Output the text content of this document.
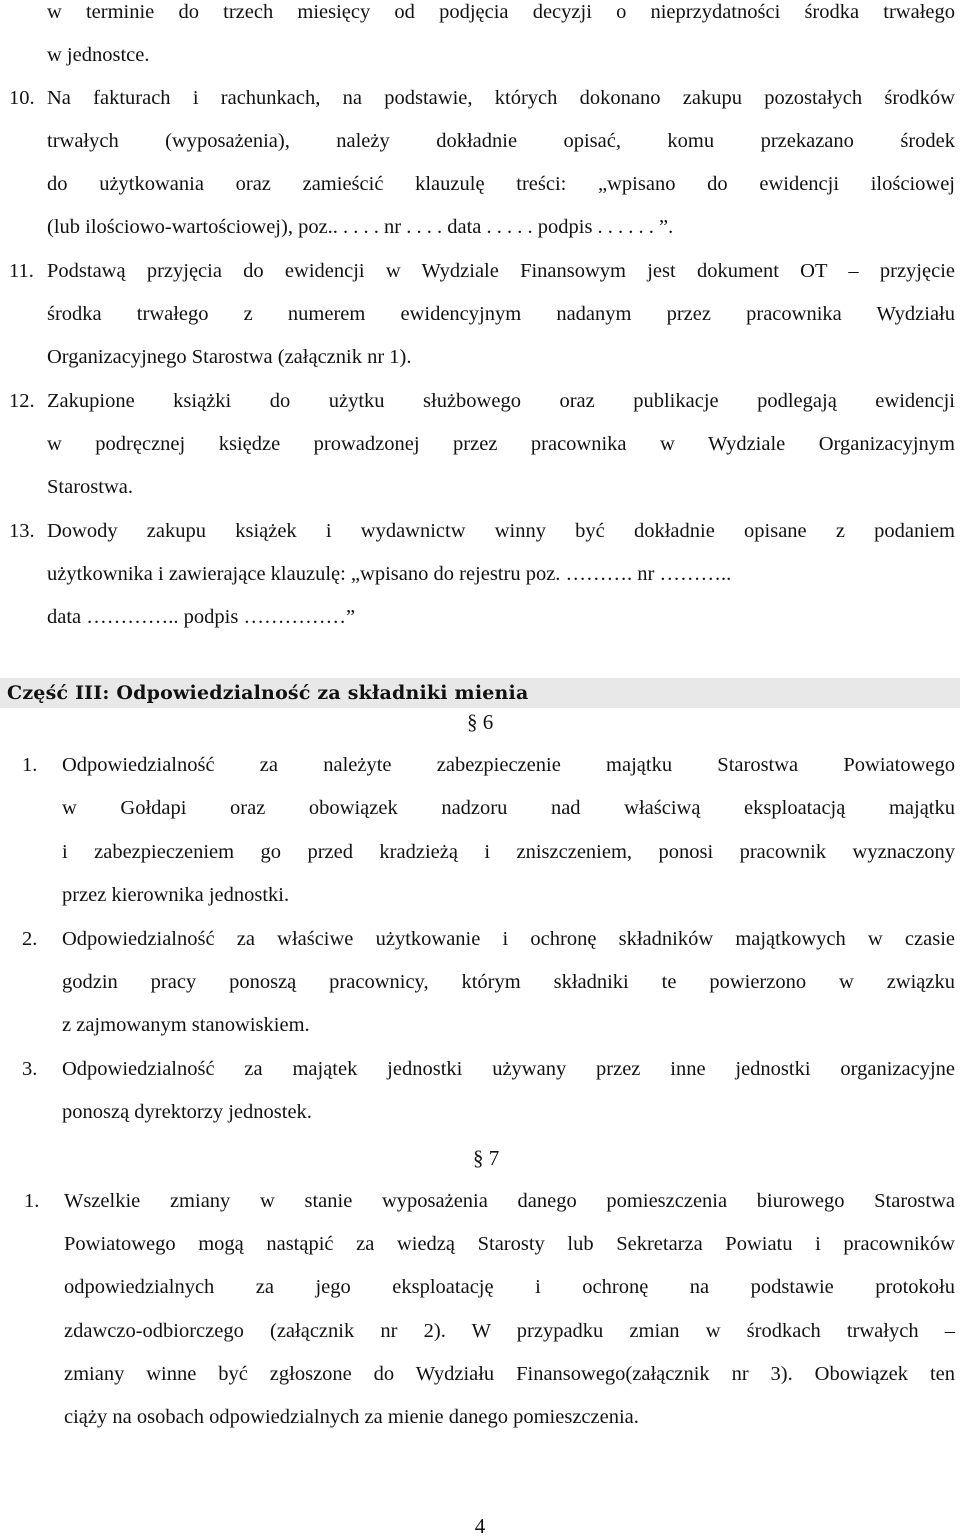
w terminie do trzech miesięcy od podjęcia decyzji o nieprzydatności środka trwałego
w jednostce.
10. Na fakturach i rachunkach, na podstawie, których dokonano zakupu pozostałych środków
trwałych (wyposażenia), należy dokładnie opisać, komu przekazano środek
do użytkowania oraz zamieścić klauzulę treści: „wpisano do ewidencji ilościowej
(lub ilościowo-wartościowej), poz.. . . . . nr . . . . data . . . . . podpis . . . . . . ”.
11. Podstawą przyjęcia do ewidencji w Wydziale Finansowym jest dokument OT – przyjęcie
środka trwałego z numerem ewidencyjnym nadanym przez pracownika Wydziału
Organizacyjnego Starostwa (załącznik nr 1).
12. Zakupione książki do użytku służbowego oraz publikacje podlegają ewidencji
w podręcznej księdze prowadzonej przez pracownika w Wydziale Organizacyjnym
Starostwa.
13. Dowody zakupu książek i wydawnictw winny być dokładnie opisane z podaniem
użytkownika i zawierające klauzulę: „wpisano do rejestru poz. ………. nr ………..
data ………….. podpis ……………”
Część III: Odpowiedzialność za składniki mienia
§ 6
1. Odpowiedzialność za należyte zabezpieczenie majątku Starostwa Powiatowego
w Gołdapi oraz obowiązek nadzoru nad właściwą eksploatacją majątku
i zabezpieczeniem go przed kradzieżą i zniszczeniem, ponosi pracownik wyznaczony
przez kierownika jednostki.
2. Odpowiedzialność za właściwe użytkowanie i ochronę składników majątkowych w czasie
godzin pracy ponoszą pracownicy, którym składniki te powierzono w związku
z zajmowanym stanowiskiem.
3. Odpowiedzialność za majątek jednostki używany przez inne jednostki organizacyjne
ponoszą dyrektorzy jednostek.
§ 7
1. Wszelkie zmiany w stanie wyposażenia danego pomieszczenia biurowego Starostwa
Powiatowego mogą nastąpić za wiedzą Starosty lub Sekretarza Powiatu i pracowników
odpowiedzialnych za jego eksploatację i ochronę na podstawie protokołu
zdawczo-odbiorczego (załącznik nr 2). W przypadku zmian w środkach trwałych –
zmiany winne być zgłoszone do Wydziału Finansowego(załącznik nr 3). Obowiązek ten
ciąży na osobach odpowiedzialnych za mienie danego pomieszczenia.
4
